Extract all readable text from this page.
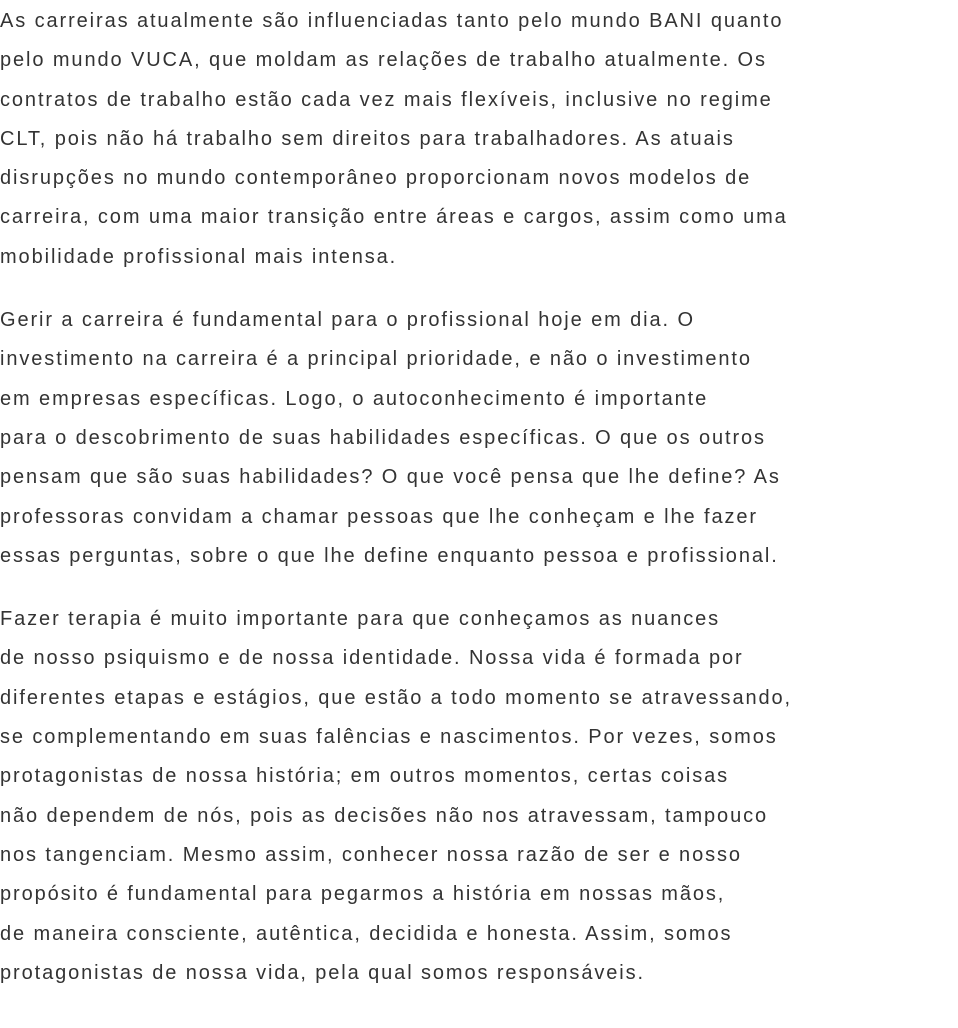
As carreiras atualmente são influenciadas tanto pelo mundo BANI quanto
pelo mundo VUCA, que moldam as relações de trabalho atualmente. Os
contratos de trabalho estão cada vez mais flexíveis, inclusive no regime
CLT, pois não há trabalho sem direitos para trabalhadores. As atuais
disrupções no mundo contemporâneo proporcionam novos modelos de
carreira, com uma maior transição entre áreas e cargos, assim como uma
mobilidade profissional mais intensa.

Gerir a carreira é fundamental para o profissional hoje em dia. O
investimento na carreira é a principal prioridade, e não o investimento
em empresas específicas. Logo, o autoconhecimento é importante
para o descobrimento de suas habilidades específicas. O que os outros
pensam que são suas habilidades? O que você pensa que lhe define? As
professoras convidam a chamar pessoas que lhe conheçam e lhe fazer
essas perguntas, sobre o que lhe define enquanto pessoa e profissional.

Fazer terapia é muito importante para que conheçamos as nuances
de nosso psiquismo e de nossa identidade. Nossa vida é formada por
diferentes etapas e estágios, que estão a todo momento se atravessando,
se complementando em suas falências e nascimentos. Por vezes, somos
protagonistas de nossa história; em outros momentos, certas coisas
não dependem de nós, pois as decisões não nos atravessam, tampouco
nos tangenciam. Mesmo assim, conhecer nossa razão de ser e nosso
propósito é fundamental para pegarmos a história em nossas mãos,
de maneira consciente, autêntica, decidida e honesta. Assim, somos
protagonistas de nossa vida, pela qual somos responsáveis.
